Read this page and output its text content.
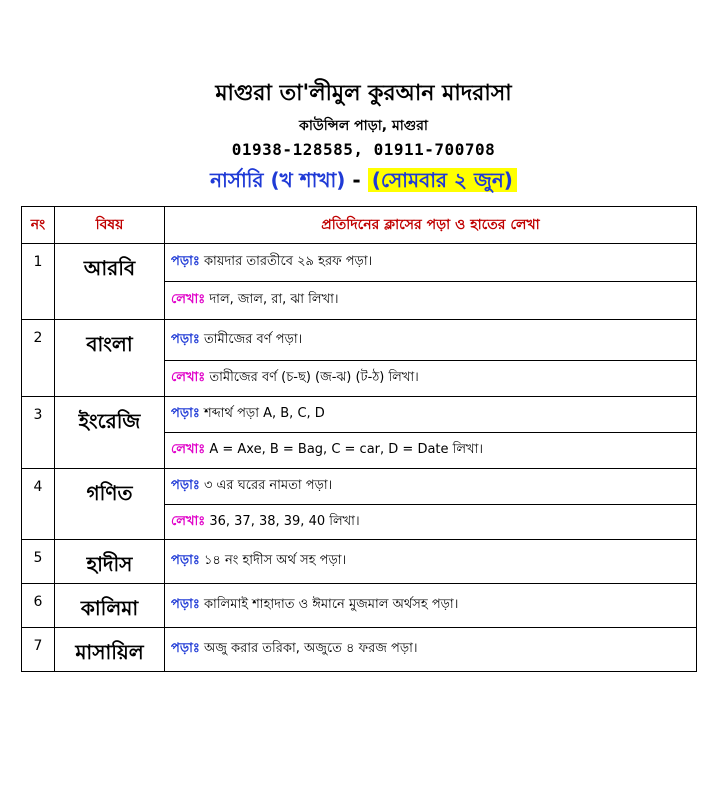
মাগুরা তা'লীমুল কুরআন মাদরাসা
কাউন্সিল পাড়া, মাগুরা
01938-128585, 01911-700708
নার্সারি (খ শাখা) - (সোমবার ২ জুন)
নং	বিষয়	প্রতিদিনের ক্লাসের পড়া ও হাতের লেখা
1	আরবি	পড়াঃ কায়দার তারতীবে ২৯ হরফ পড়া।
		লেখাঃ দাল, জাল, রা, ঝা লিখা।
2	বাংলা	পড়াঃ তামীজের বর্ণ পড়া।
		লেখাঃ তামীজের বর্ণ (চ-ছ) (জ-ঝ) (ট-ঠ) লিখা।
3	ইংরেজি	পড়াঃ শব্দার্থ পড়া A, B, C, D
		লেখাঃ A = Axe, B = Bag, C = car, D = Date লিখা।
4	গণিত	পড়াঃ ৩ এর ঘরের নামতা পড়া।
		লেখাঃ 36, 37, 38, 39, 40 লিখা।
5	হাদীস	পড়াঃ ১৪ নং হাদীস অর্থ সহ পড়া।
6	কালিমা	পড়াঃ কালিমাই শাহাদাত ও ঈমানে মুজমাল অর্থসহ পড়া।
7	মাসায়িল	পড়াঃ অজু করার তরিকা, অজুতে ৪ ফরজ পড়া।
